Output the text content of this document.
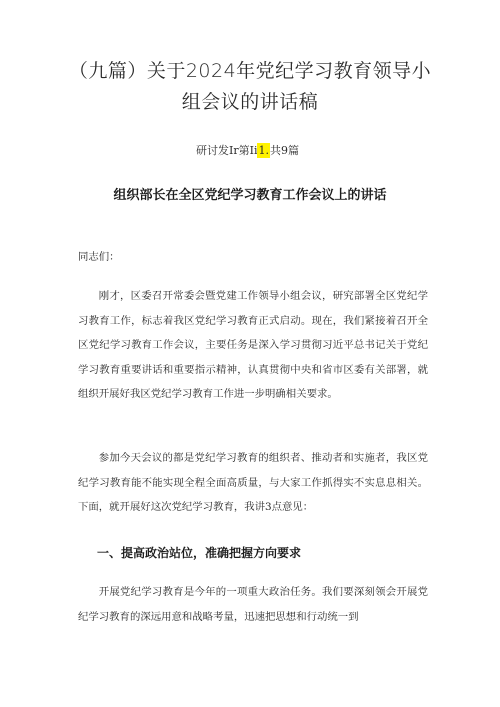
（九篇）关于2024年党纪学习教育领导小组会议的讲话稿
研讨发Ir第Ii1.共9篇
组织部长在全区党纪学习教育工作会议上的讲话

同志们：

刚才，区委召开常委会暨党建工作领导小组会议，研究部署全区党纪学习教育工作，标志着我区党纪学习教育正式启动。现在，我们紧接着召开全区党纪学习教育工作会议，主要任务是深入学习贯彻习近平总书记关于党纪学习教育重要讲话和重要指示精神，认真贯彻中央和省市区委有关部署，就组织开展好我区党纪学习教育工作进一步明确相关要求。

参加今天会议的都是党纪学习教育的组织者、推动者和实施者，我区党纪学习教育能不能实现全程全面高质量，与大家工作抓得实不实息息相关。下面，就开展好这次党纪学习教育，我讲3点意见：

一、提高政治站位，准确把握方向要求

开展党纪学习教育是今年的一项重大政治任务。我们要深刻领会开展党纪学习教育的深远用意和战略考量，迅速把思想和行动统一到
